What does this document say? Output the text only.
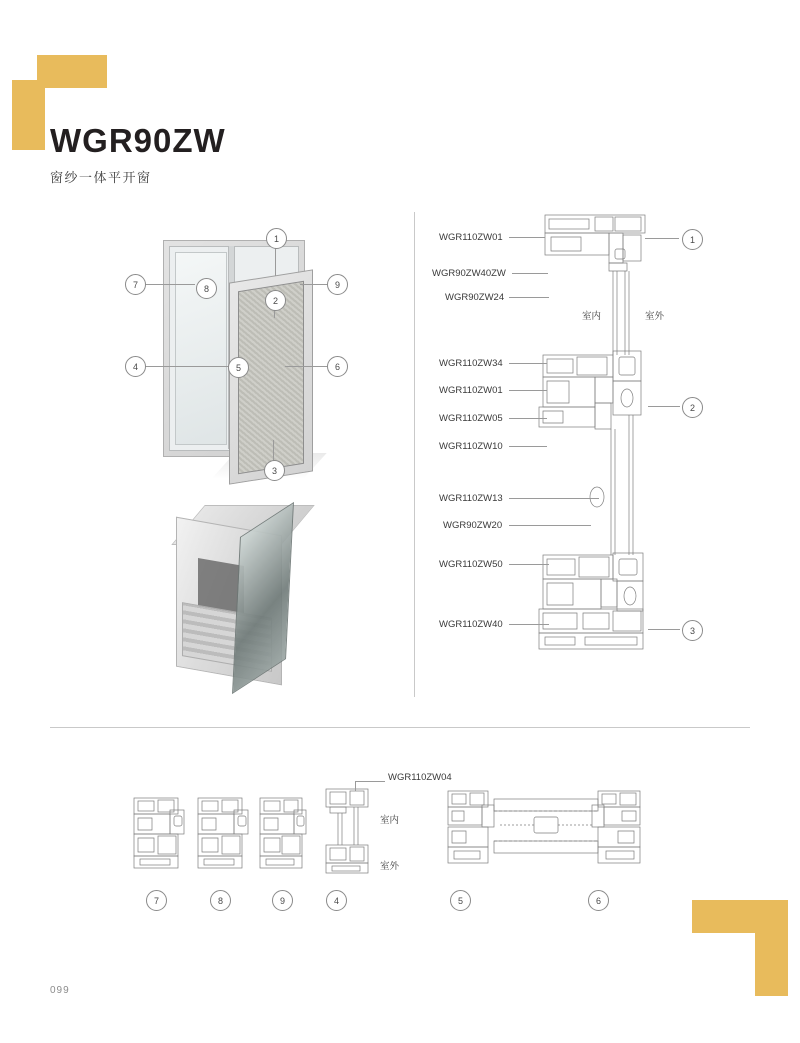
WGR90ZW
窗纱一体平开窗
1
7	8	9
2
4	5	6
3
WGR110ZW01
WGR90ZW40ZW
WGR90ZW24
WGR110ZW34
WGR110ZW01
WGR110ZW05
WGR110ZW10
WGR110ZW13
WGR90ZW20
WGR110ZW50
WGR110ZW40
室内	室外
1
2
3
WGR110ZW04
室内
室外
7	8	9	4	5	6
099
